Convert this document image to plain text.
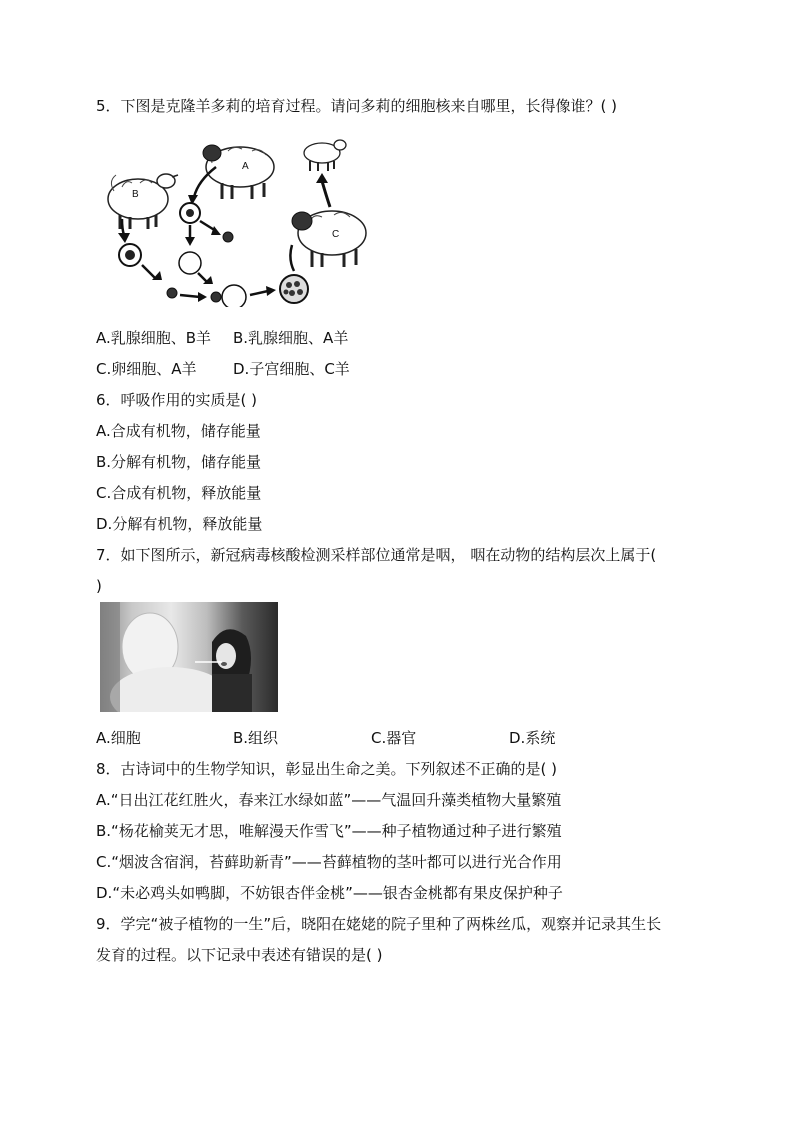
5．下图是克隆羊多莉的培育过程。请问多莉的细胞核来自哪里，长得像谁？( )
B
A
C
A.乳腺细胞、B羊 B.乳腺细胞、A羊
C.卵细胞、A羊 D.子宫细胞、C羊
6．呼吸作用的实质是( )
A.合成有机物，储存能量
B.分解有机物，储存能量
C.合成有机物，释放能量
D.分解有机物，释放能量
7．如下图所示，新冠病毒核酸检测采样部位通常是咽， 咽在动物的结构层次上属于(
)
A.细胞	B.组织	C.器官	D.系统
8．古诗词中的生物学知识，彰显出生命之美。下列叙述不正确的是( )
A.“日出江花红胜火，春来江水绿如蓝”——气温回升藻类植物大量繁殖
B.“杨花榆荚无才思，唯解漫天作雪飞”——种子植物通过种子进行繁殖
C.“烟波含宿润，苔藓助新青”——苔藓植物的茎叶都可以进行光合作用
D.“未必鸡头如鸭脚，不妨银杏伴金桃”——银杏金桃都有果皮保护种子
9．学完“被子植物的一生”后，晓阳在姥姥的院子里种了两株丝瓜，观察并记录其生长
发育的过程。以下记录中表述有错误的是( )
